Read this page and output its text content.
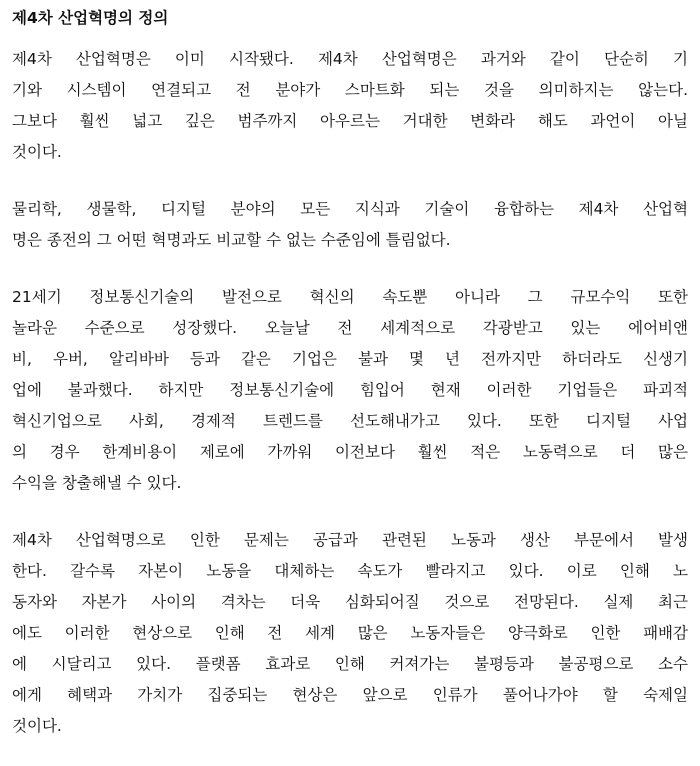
제4차 산업혁명의 정의
제4차 산업혁명은 이미 시작됐다. 제4차 산업혁명은 과거와 같이 단순히 기
기와 시스템이 연결되고 전 분야가 스마트화 되는 것을 의미하지는 않는다.
그보다 훨씬 넓고 깊은 범주까지 아우르는 거대한 변화라 해도 과언이 아닐
것이다.
물리학, 생물학, 디지털 분야의 모든 지식과 기술이 융합하는 제4차 산업혁
명은 종전의 그 어떤 혁명과도 비교할 수 없는 수준임에 틀림없다.
21세기 정보통신기술의 발전으로 혁신의 속도뿐 아니라 그 규모수익 또한
놀라운 수준으로 성장했다. 오늘날 전 세계적으로 각광받고 있는 에어비앤
비, 우버, 알리바바 등과 같은 기업은 불과 몇 년 전까지만 하더라도 신생기
업에 불과했다. 하지만 정보통신기술에 힘입어 현재 이러한 기업들은 파괴적
혁신기업으로 사회, 경제적 트렌드를 선도해내가고 있다. 또한 디지털 사업
의 경우 한계비용이 제로에 가까워 이전보다 훨씬 적은 노동력으로 더 많은
수익을 창출해낼 수 있다.
제4차 산업혁명으로 인한 문제는 공급과 관련된 노동과 생산 부문에서 발생
한다. 갈수록 자본이 노동을 대체하는 속도가 빨라지고 있다. 이로 인해 노
동자와 자본가 사이의 격차는 더욱 심화되어질 것으로 전망된다. 실제 최근
에도 이러한 현상으로 인해 전 세계 많은 노동자들은 양극화로 인한 패배감
에 시달리고 있다. 플랫폼 효과로 인해 커져가는 불평등과 불공평으로 소수
에게 혜택과 가치가 집중되는 현상은 앞으로 인류가 풀어나가야 할 숙제일
것이다.
